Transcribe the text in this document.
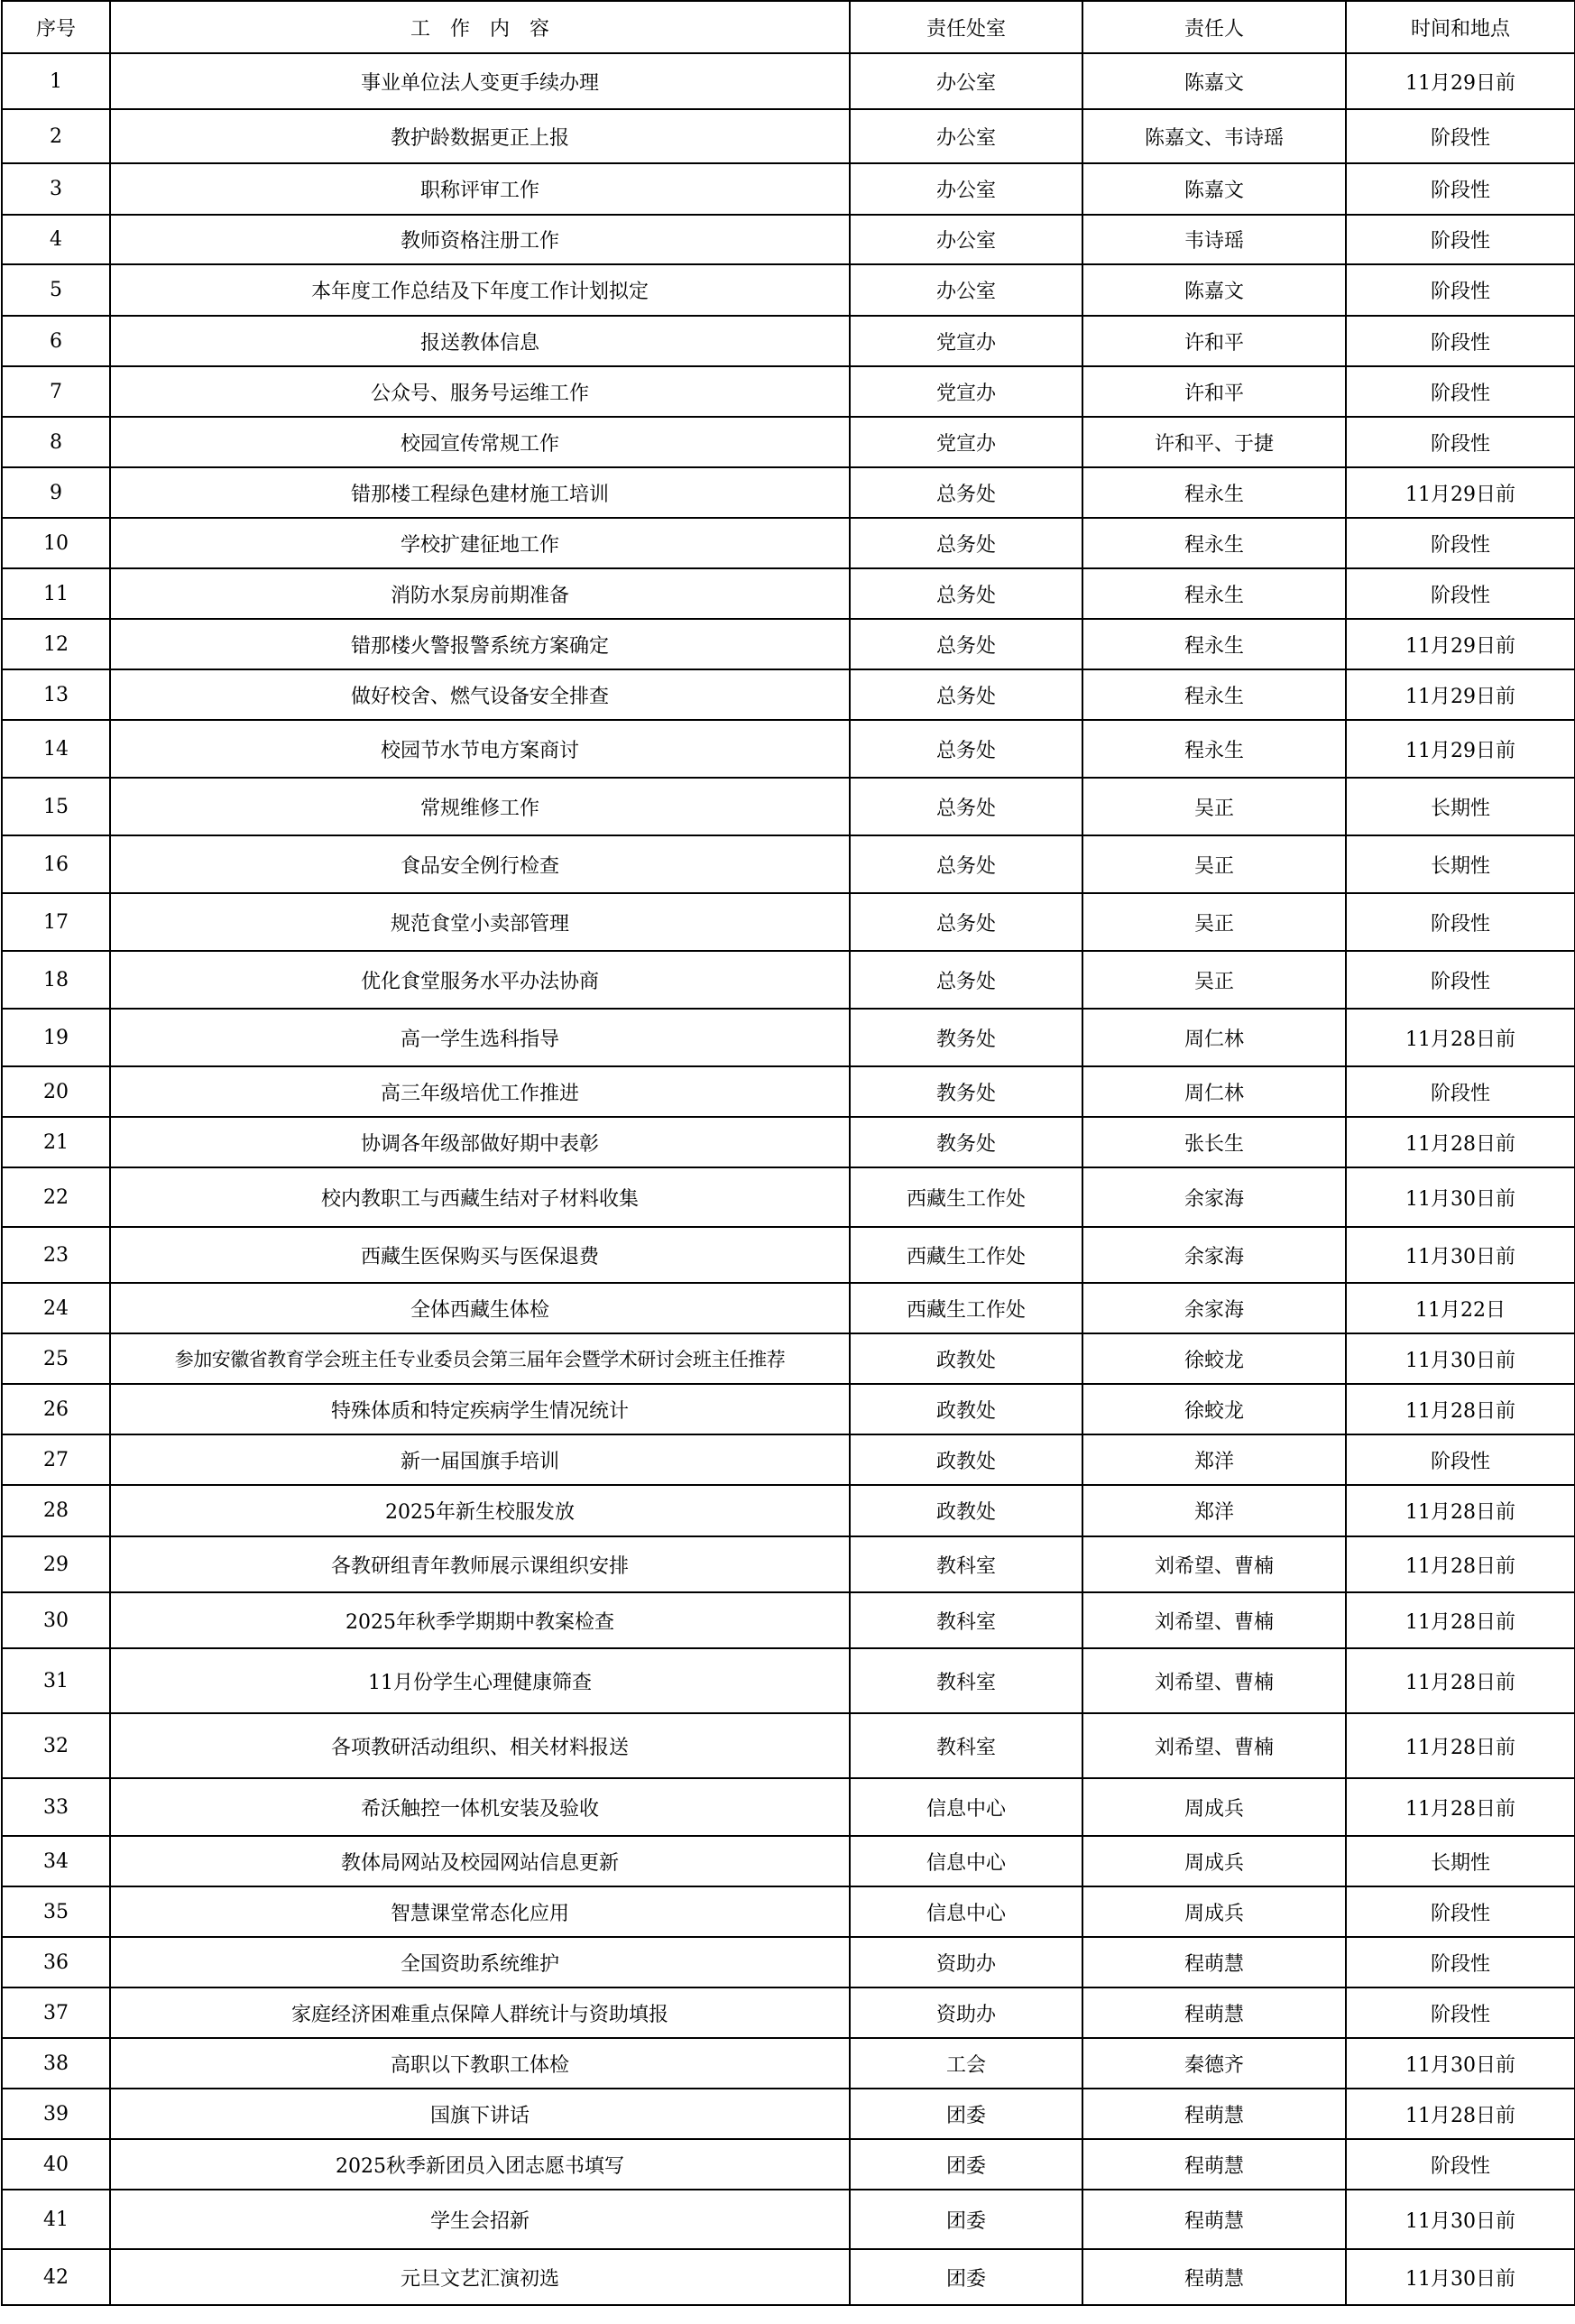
序号	工　作　内　容	责任处室	责任人	时间和地点
1	事业单位法人变更手续办理	办公室	陈嘉文	11月29日前
2	教护龄数据更正上报	办公室	陈嘉文、韦诗瑶	阶段性
3	职称评审工作	办公室	陈嘉文	阶段性
4	教师资格注册工作	办公室	韦诗瑶	阶段性
5	本年度工作总结及下年度工作计划拟定	办公室	陈嘉文	阶段性
6	报送教体信息	党宣办	许和平	阶段性
7	公众号、服务号运维工作	党宣办	许和平	阶段性
8	校园宣传常规工作	党宣办	许和平、于捷	阶段性
9	错那楼工程绿色建材施工培训	总务处	程永生	11月29日前
10	学校扩建征地工作	总务处	程永生	阶段性
11	消防水泵房前期准备	总务处	程永生	阶段性
12	错那楼火警报警系统方案确定	总务处	程永生	11月29日前
13	做好校舍、燃气设备安全排查	总务处	程永生	11月29日前
14	校园节水节电方案商讨	总务处	程永生	11月29日前
15	常规维修工作	总务处	吴正	长期性
16	食品安全例行检查	总务处	吴正	长期性
17	规范食堂小卖部管理	总务处	吴正	阶段性
18	优化食堂服务水平办法协商	总务处	吴正	阶段性
19	高一学生选科指导	教务处	周仁林	11月28日前
20	高三年级培优工作推进	教务处	周仁林	阶段性
21	协调各年级部做好期中表彰	教务处	张长生	11月28日前
22	校内教职工与西藏生结对子材料收集	西藏生工作处	余家海	11月30日前
23	西藏生医保购买与医保退费	西藏生工作处	余家海	11月30日前
24	全体西藏生体检	西藏生工作处	余家海	11月22日
25	参加安徽省教育学会班主任专业委员会第三届年会暨学术研讨会班主任推荐	政教处	徐蛟龙	11月30日前
26	特殊体质和特定疾病学生情况统计	政教处	徐蛟龙	11月28日前
27	新一届国旗手培训	政教处	郑洋	阶段性
28	2025年新生校服发放	政教处	郑洋	11月28日前
29	各教研组青年教师展示课组织安排	教科室	刘希望、曹楠	11月28日前
30	2025年秋季学期期中教案检查	教科室	刘希望、曹楠	11月28日前
31	11月份学生心理健康筛查	教科室	刘希望、曹楠	11月28日前
32	各项教研活动组织、相关材料报送	教科室	刘希望、曹楠	11月28日前
33	希沃触控一体机安装及验收	信息中心	周成兵	11月28日前
34	教体局网站及校园网站信息更新	信息中心	周成兵	长期性
35	智慧课堂常态化应用	信息中心	周成兵	阶段性
36	全国资助系统维护	资助办	程萌慧	阶段性
37	家庭经济困难重点保障人群统计与资助填报	资助办	程萌慧	阶段性
38	高职以下教职工体检	工会	秦德齐	11月30日前
39	国旗下讲话	团委	程萌慧	11月28日前
40	2025秋季新团员入团志愿书填写	团委	程萌慧	阶段性
41	学生会招新	团委	程萌慧	11月30日前
42	元旦文艺汇演初选	团委	程萌慧	11月30日前
